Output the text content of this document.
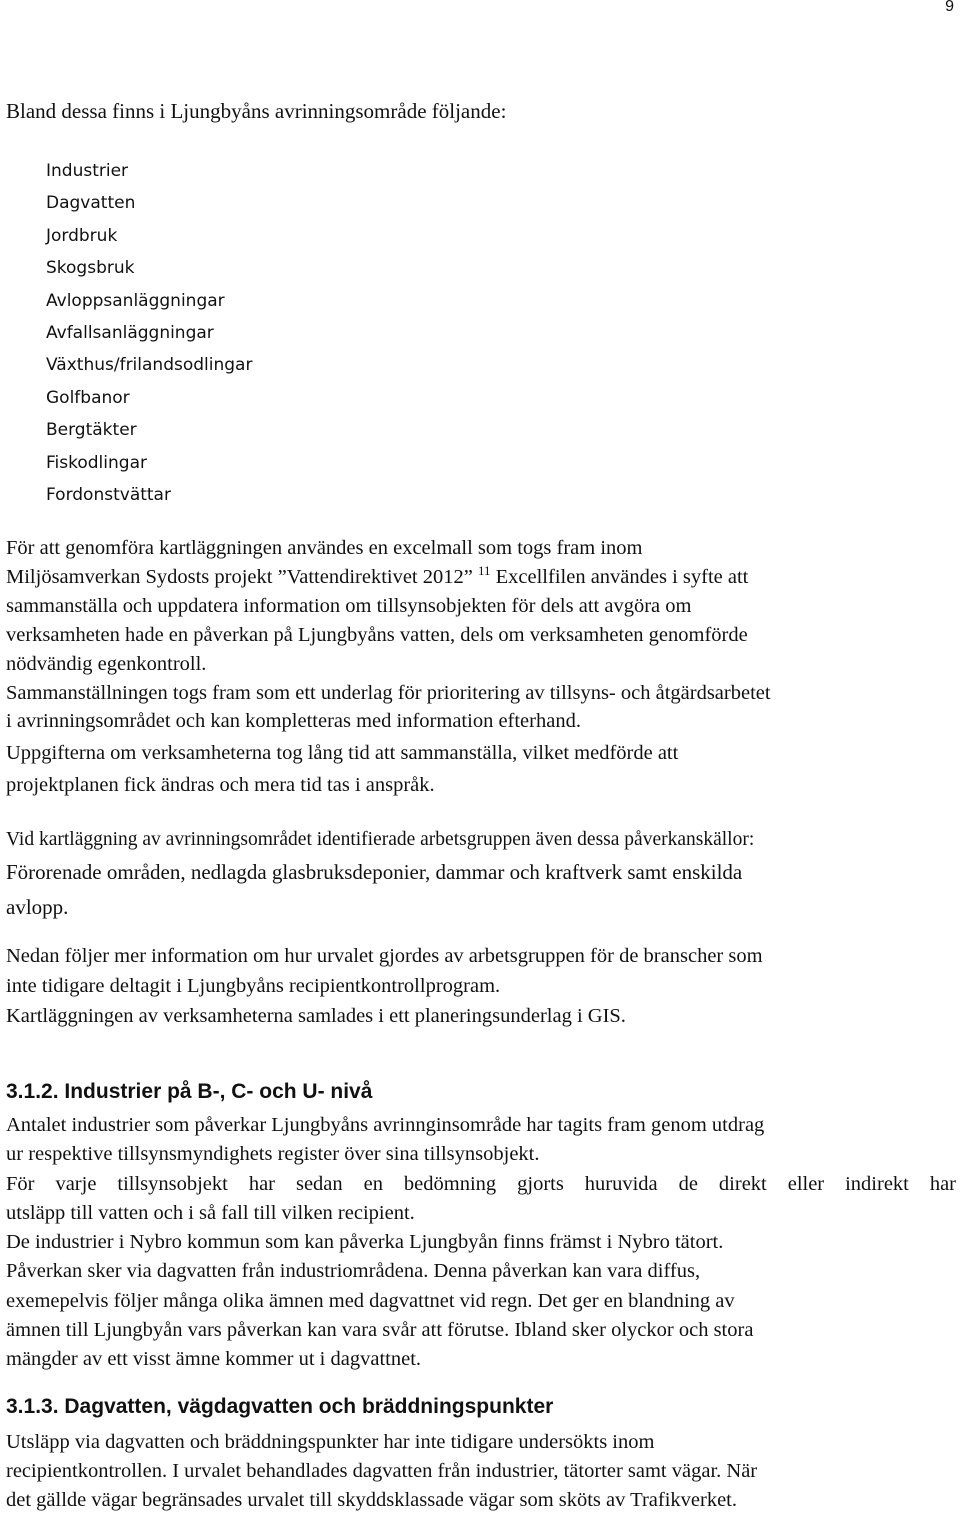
9
Bland dessa finns i Ljungbyåns avrinningsområde följande:
Industrier
Dagvatten
Jordbruk
Skogsbruk
Avloppsanläggningar
Avfallsanläggningar
Växthus/frilandsodlingar
Golfbanor
Bergtäkter
Fiskodlingar
Fordonstvättar
För att genomföra kartläggningen användes en excelmall som togs fram inom
Miljösamverkan Sydosts projekt ”Vattendirektivet 2012” $^{11}$ Excellfilen användes i syfte att
sammanställa och uppdatera information om tillsynsobjekten för dels att avgöra om
verksamheten hade en påverkan på Ljungbyåns vatten, dels om verksamheten genomförde
nödvändig egenkontroll.
Sammanställningen togs fram som ett underlag för prioritering av tillsyns- och åtgärdsarbetet
i avrinningsområdet och kan kompletteras med information efterhand.
Uppgifterna om verksamheterna tog lång tid att sammanställa, vilket medförde att
projektplanen fick ändras och mera tid tas i anspråk.
Vid kartläggning av avrinningsområdet identifierade arbetsgruppen även dessa påverkanskällor:
Förorenade områden, nedlagda glasbruksdeponier, dammar och kraftverk samt enskilda
avlopp.
Nedan följer mer information om hur urvalet gjordes av arbetsgruppen för de branscher som
inte tidigare deltagit i Ljungbyåns recipientkontrollprogram.
Kartläggningen av verksamheterna samlades i ett planeringsunderlag i GIS.
3.1.2. Industrier på B-, C- och U- nivå
Antalet industrier som påverkar Ljungbyåns avrinnginsområde har tagits fram genom utdrag
ur respektive tillsynsmyndighets register över sina tillsynsobjekt.
För varje tillsynsobjekt har sedan en bedömning gjorts huruvida de direkt eller indirekt har
utsläpp till vatten och i så fall till vilken recipient.
De industrier i Nybro kommun som kan påverka Ljungbyån finns främst i Nybro tätort.
Påverkan sker via dagvatten från industriområdena. Denna påverkan kan vara diffus,
exemepelvis följer många olika ämnen med dagvattnet vid regn. Det ger en blandning av
ämnen till Ljungbyån vars påverkan kan vara svår att förutse. Ibland sker olyckor och stora
mängder av ett visst ämne kommer ut i dagvattnet.
3.1.3. Dagvatten, vägdagvatten och bräddningspunkter
Utsläpp via dagvatten och bräddningspunkter har inte tidigare undersökts inom
recipientkontrollen. I urvalet behandlades dagvatten från industrier, tätorter samt vägar. När
det gällde vägar begränsades urvalet till skyddsklassade vägar som sköts av Trafikverket.
